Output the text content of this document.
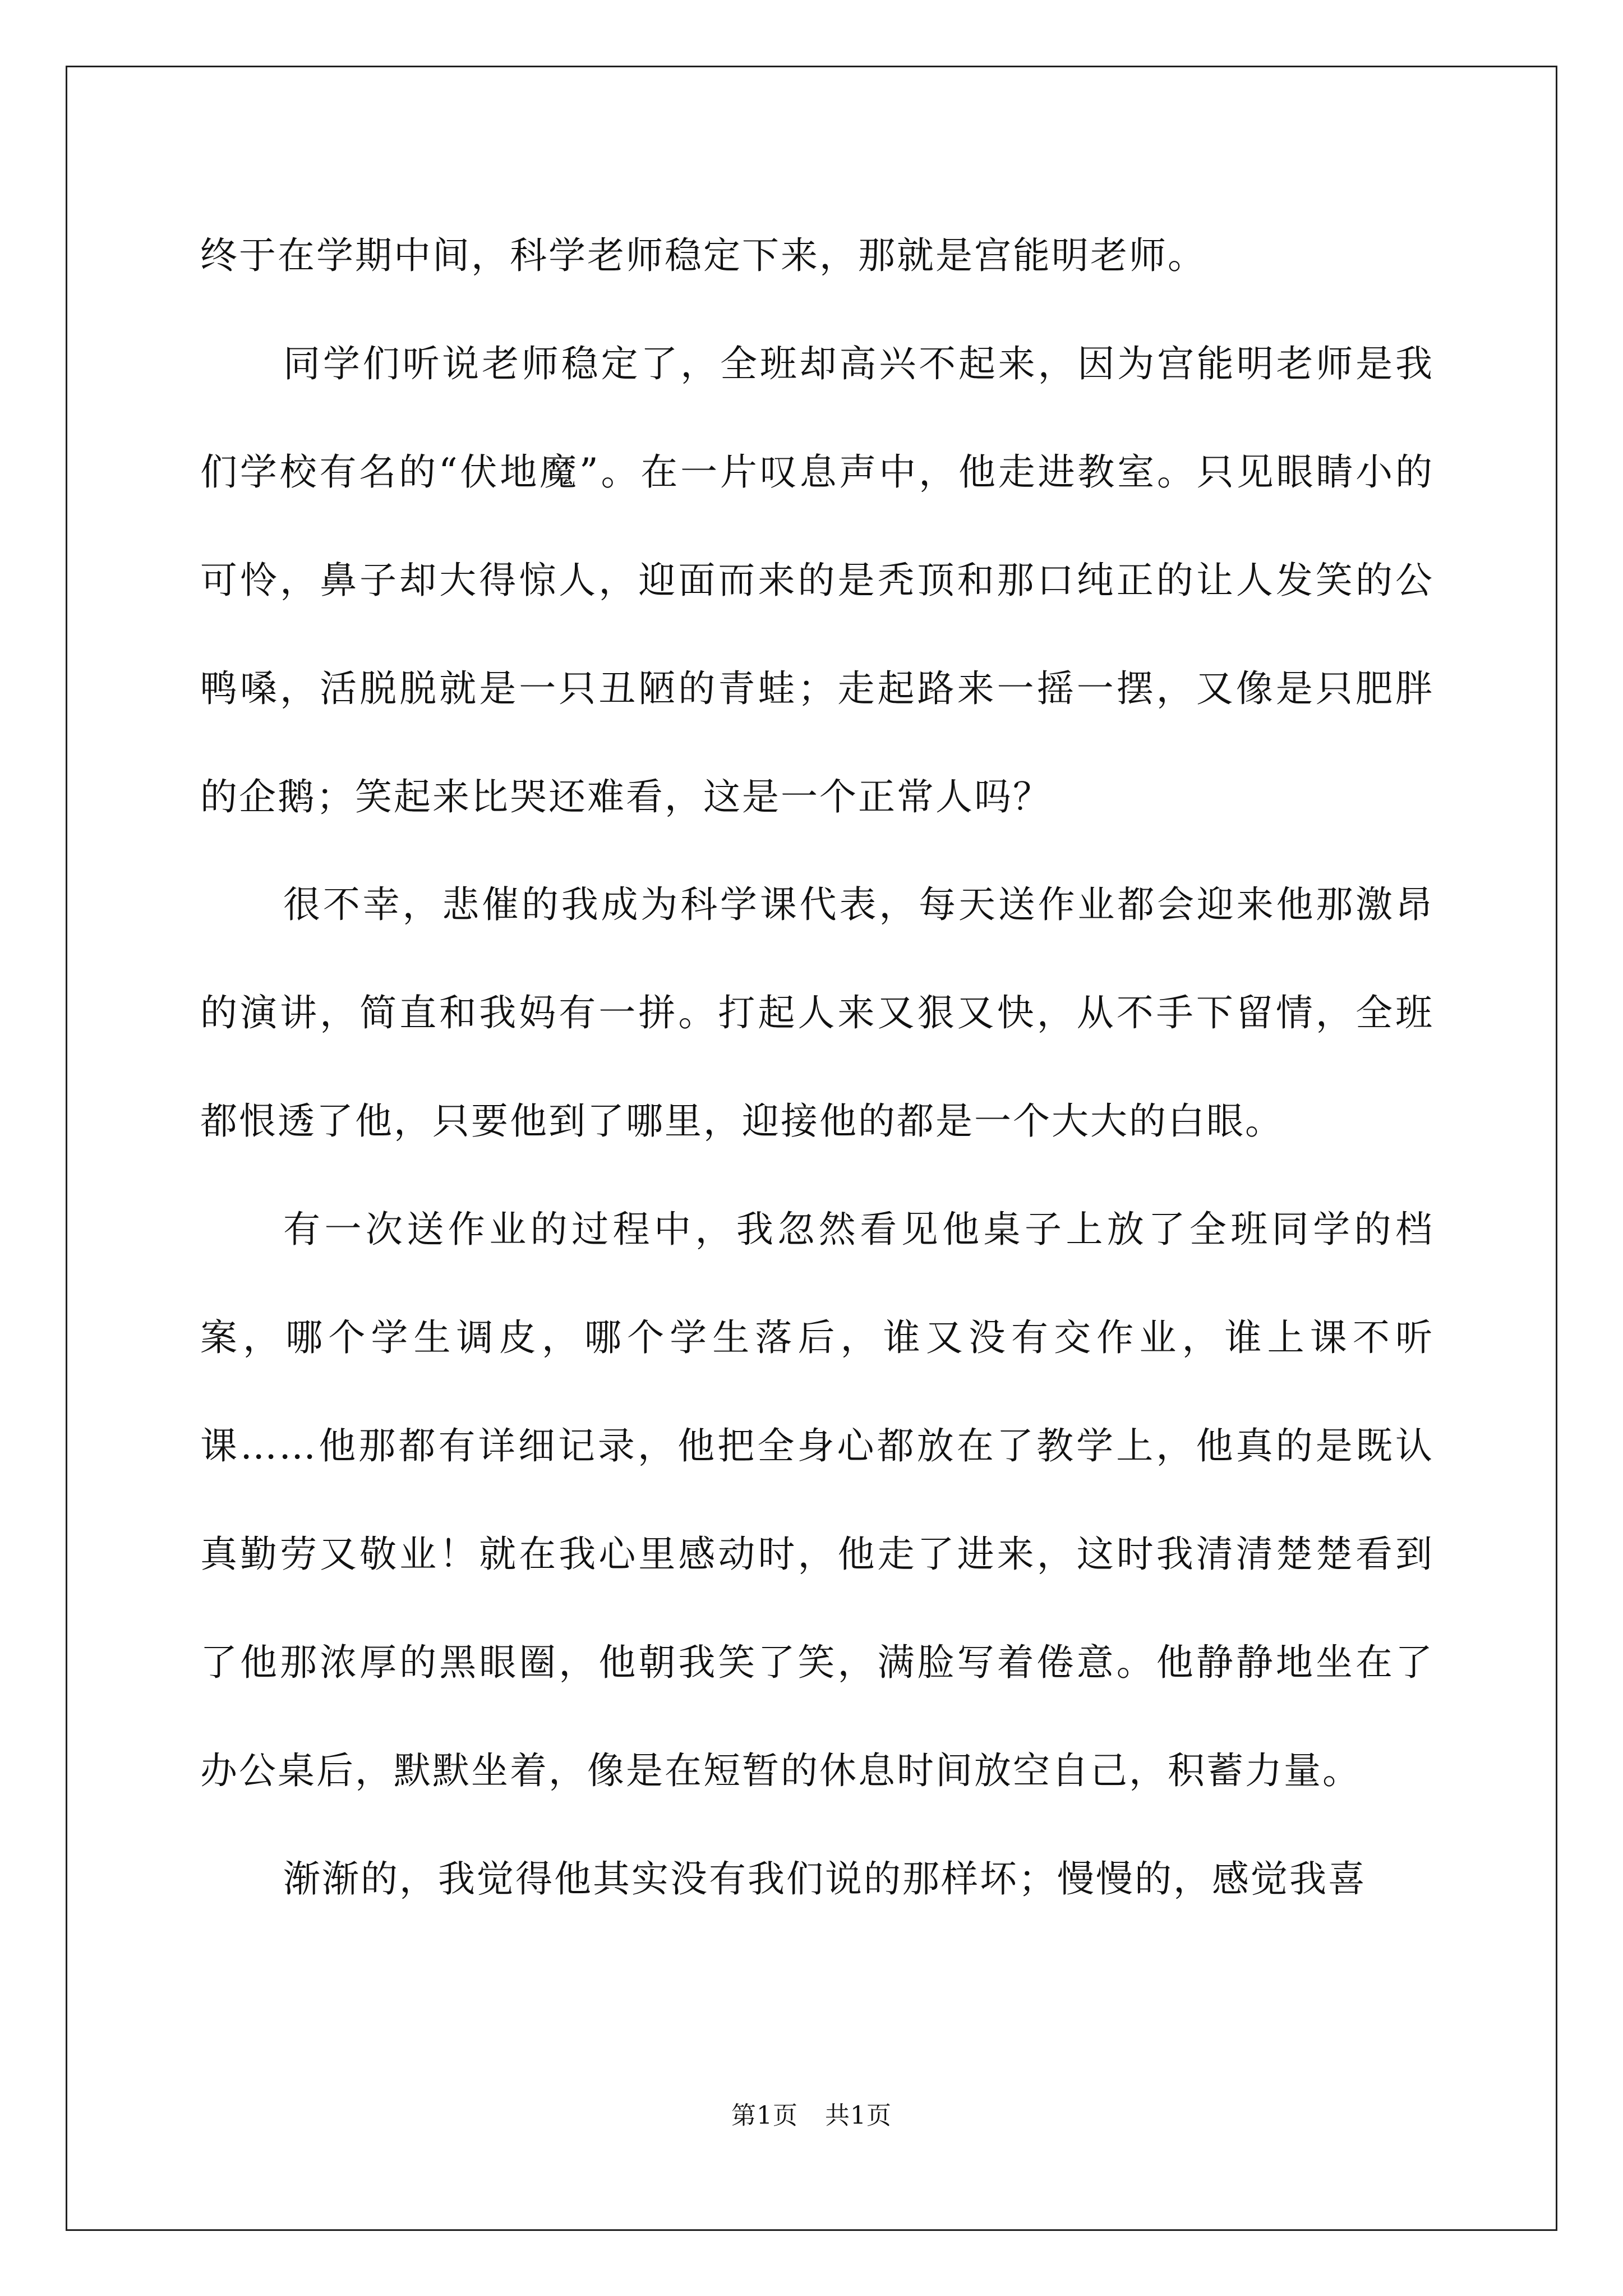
终于在学期中间，科学老师稳定下来，那就是宫能明老师。

同学们听说老师稳定了，全班却高兴不起来，因为宫能明老师是我们学校有名的“伏地魔”。在一片叹息声中，他走进教室。只见眼睛小的可怜，鼻子却大得惊人，迎面而来的是秃顶和那口纯正的让人发笑的公鸭嗓，活脱脱就是一只丑陋的青蛙；走起路来一摇一摆，又像是只肥胖的企鹅；笑起来比哭还难看，这是一个正常人吗？

很不幸，悲催的我成为科学课代表，每天送作业都会迎来他那激昂的演讲，简直和我妈有一拼。打起人来又狠又快，从不手下留情，全班都恨透了他，只要他到了哪里，迎接他的都是一个大大的白眼。

有一次送作业的过程中，我忽然看见他桌子上放了全班同学的档案，哪个学生调皮，哪个学生落后，谁又没有交作业，谁上课不听课……他那都有详细记录，他把全身心都放在了教学上，他真的是既认真勤劳又敬业！就在我心里感动时，他走了进来，这时我清清楚楚看到了他那浓厚的黑眼圈，他朝我笑了笑，满脸写着倦意。他静静地坐在了办公桌后，默默坐着，像是在短暂的休息时间放空自己，积蓄力量。

渐渐的，我觉得他其实没有我们说的那样坏；慢慢的，感觉我喜

第1页 共1页
